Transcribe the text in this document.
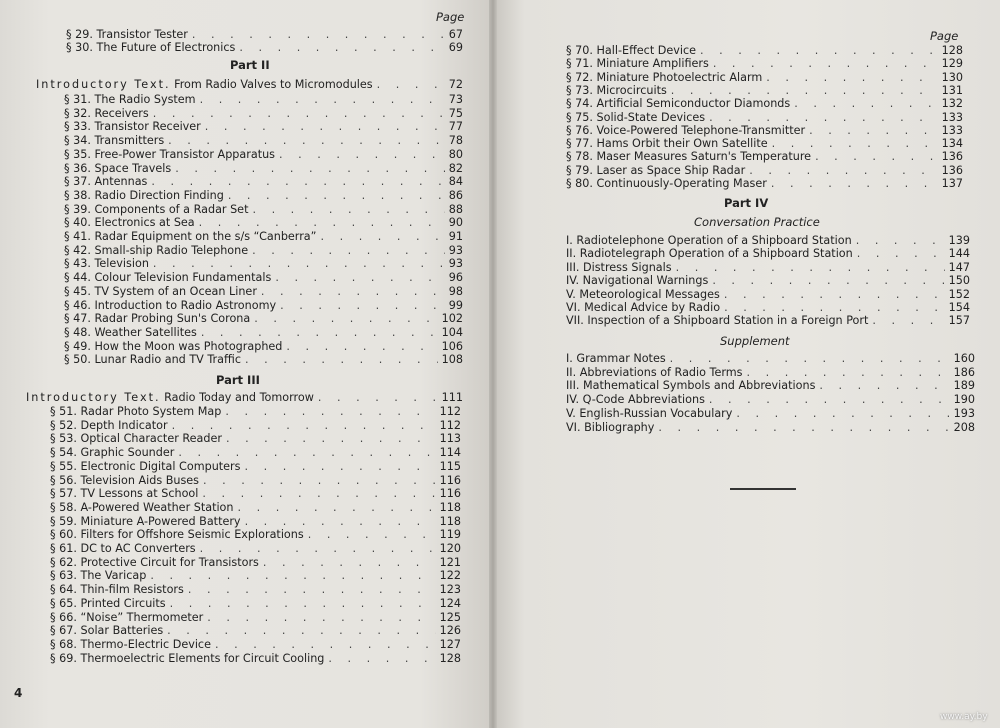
Page
Part II
Part III
4
Page
Part IV
Conversation Practice
Supplement
www.ay.by
§ 29. Transistor Tester . . .	67
§ 30. The Future of Electronics . . .	69
Introductory Text. From Radio Valves to Micromodules . . .	72
§ 31. The Radio System . . .	73
§ 32. Receivers . . .	75
§ 33. Transistor Receiver . . .	77
§ 34. Transmitters . . .	78
§ 35. Free-Power Transistor Apparatus . . .	80
§ 36. Space Travels . . .	82
§ 37. Antennas . . .	84
§ 38. Radio Direction Finding . . .	86
§ 39. Components of a Radar Set . . .	88
§ 40. Electronics at Sea . . .	90
§ 41. Radar Equipment on the s/s “Canberra” . . .	91
§ 42. Small-ship Radio Telephone . . .	93
§ 43. Television . . .	93
§ 44. Colour Television Fundamentals . . .	96
§ 45. TV System of an Ocean Liner . . .	98
§ 46. Introduction to Radio Astronomy . . .	99
§ 47. Radar Probing Sun's Corona . . .	102
§ 48. Weather Satellites . . .	104
§ 49. How the Moon was Photographed . . .	106
§ 50. Lunar Radio and TV Traffic . . .	108
Introductory Text. Radio Today and Tomorrow . . .	111
§ 51. Radar Photo System Map . . .	112
§ 52. Depth Indicator . . .	112
§ 53. Optical Character Reader . . .	113
§ 54. Graphic Sounder . . .	114
§ 55. Electronic Digital Computers . . .	115
§ 56. Television Aids Buses . . .	116
§ 57. TV Lessons at School . . .	116
§ 58. A-Powered Weather Station . . .	118
§ 59. Miniature A-Powered Battery . . .	118
§ 60. Filters for Offshore Seismic Explorations . . .	119
§ 61. DC to AC Converters . . .	120
§ 62. Protective Circuit for Transistors . . .	121
§ 63. The Varicap . . .	122
§ 64. Thin-film Resistors . . .	123
§ 65. Printed Circuits . . .	124
§ 66. “Noise” Thermometer . . .	125
§ 67. Solar Batteries . . .	126
§ 68. Thermo-Electric Device . . .	127
§ 69. Thermoelectric Elements for Circuit Cooling . . .	128
§ 70. Hall-Effect Device . . .	128
§ 71. Miniature Amplifiers . . .	129
§ 72. Miniature Photoelectric Alarm . . .	130
§ 73. Microcircuits . . .	131
§ 74. Artificial Semiconductor Diamonds . . .	132
§ 75. Solid-State Devices . . .	133
§ 76. Voice-Powered Telephone-Transmitter . . .	133
§ 77. Hams Orbit their Own Satellite . . .	134
§ 78. Maser Measures Saturn's Temperature . . .	136
§ 79. Laser as Space Ship Radar . . .	136
§ 80. Continuously-Operating Maser . . .	137
I. Radiotelephone Operation of a Shipboard Station . . .	139
II. Radiotelegraph Operation of a Shipboard Station . . .	144
III. Distress Signals . . .	147
IV. Navigational Warnings . . .	150
V. Meteorological Messages . . .	152
VI. Medical Advice by Radio . . .	154
VII. Inspection of a Shipboard Station in a Foreign Port . . .	157
I. Grammar Notes . . .	160
II. Abbreviations of Radio Terms . . .	186
III. Mathematical Symbols and Abbreviations . . .	189
IV. Q-Code Abbreviations . . .	190
V. English-Russian Vocabulary . . .	193
VI. Bibliography . . .	208
